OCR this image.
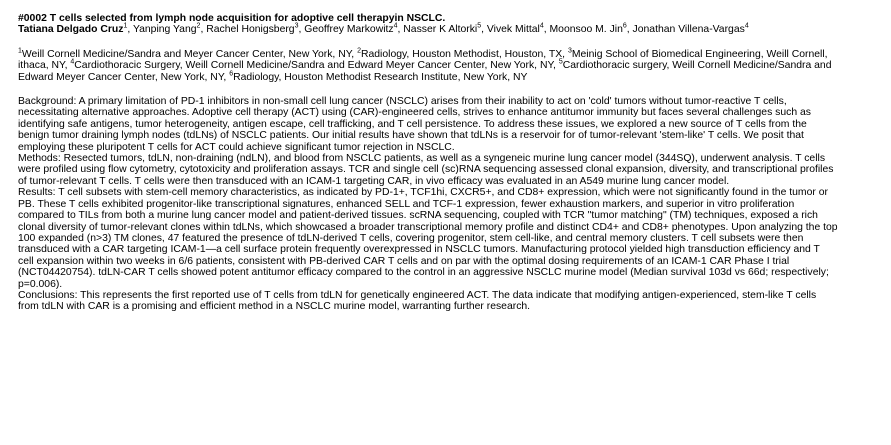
#0002 T cells selected from lymph node acquisition for adoptive cell therapyin NSCLC.

Tatiana Delgado Cruz$^1$, Yanping Yang$^2$, Rachel Honigsberg$^3$, Geoffrey Markowitz$^4$, Nasser K Altorki$^5$, Vivek Mittal$^4$, Moonsoo M. Jin$^6$, Jonathan Villena-Vargas$^4$

$^1$Weill Cornell Medicine/Sandra and Meyer Cancer Center, New York, NY, $^2$Radiology, Houston Methodist, Houston, TX, $^3$Meinig School of Biomedical Engineering, Weill Cornell, ithaca, NY, $^4$Cardiothoracic Surgery, Weill Cornell Medicine/Sandra and Edward Meyer Cancer Center, New York, NY, $^5$Cardiothoracic surgery, Weill Cornell Medicine/Sandra and Edward Meyer Cancer Center, New York, NY, $^6$Radiology, Houston Methodist Research Institute, New York, NY

Background: A primary limitation of PD-1 inhibitors in non-small cell lung cancer (NSCLC) arises from their inability to act on 'cold' tumors without tumor-reactive T cells, necessitating alternative approaches. Adoptive cell therapy (ACT) using (CAR)-engineered cells, strives to enhance antitumor immunity but faces several challenges such as identifying safe antigens, tumor heterogeneity, antigen escape, cell trafficking, and T cell persistence. To address these issues, we explored a new source of T cells from the benign tumor draining lymph nodes (tdLNs) of NSCLC patients. Our initial results have shown that tdLNs is a reservoir for of tumor-relevant 'stem-like' T cells. We posit that employing these pluripotent T cells for ACT could achieve significant tumor rejection in NSCLC.

Methods: Resected tumors, tdLN, non-draining (ndLN), and blood from NSCLC patients, as well as a syngeneic murine lung cancer model (344SQ), underwent analysis. T cells were profiled using flow cytometry, cytotoxicity and proliferation assays. TCR and single cell (sc)RNA sequencing assessed clonal expansion, diversity, and transcriptional profiles of tumor-relevant T cells. T cells were then transduced with an ICAM-1 targeting CAR, in vivo efficacy was evaluated in an A549 murine lung cancer model.

Results: T cell subsets with stem-cell memory characteristics, as indicated by PD-1+, TCF1hi, CXCR5+, and CD8+ expression, which were not significantly found in the tumor or PB. These T cells exhibited progenitor-like transcriptional signatures, enhanced SELL and TCF-1 expression, fewer exhaustion markers, and superior in vitro proliferation compared to TILs from both a murine lung cancer model and patient-derived tissues. scRNA sequencing, coupled with TCR "tumor matching" (TM) techniques, exposed a rich clonal diversity of tumor-relevant clones within tdLNs, which showcased a broader transcriptional memory profile and distinct CD4+ and CD8+ phenotypes. Upon analyzing the top 100 expanded (n>3) TM clones, 47 featured the presence of tdLN-derived T cells, covering progenitor, stem cell-like, and central memory clusters. T cell subsets were then transduced with a CAR targeting ICAM-1—a cell surface protein frequently overexpressed in NSCLC tumors. Manufacturing protocol yielded high transduction efficiency and T cell expansion within two weeks in 6/6 patients, consistent with PB-derived CAR T cells and on par with the optimal dosing requirements of an ICAM-1 CAR Phase I trial (NCT04420754). tdLN-CAR T cells showed potent antitumor efficacy compared to the control in an aggressive NSCLC murine model (Median survival 103d vs 66d; respectively; p=0.006).

Conclusions: This represents the first reported use of T cells from tdLN for genetically engineered ACT. The data indicate that modifying antigen-experienced, stem-like T cells from tdLN with CAR is a promising and efficient method in a NSCLC murine model, warranting further research.
